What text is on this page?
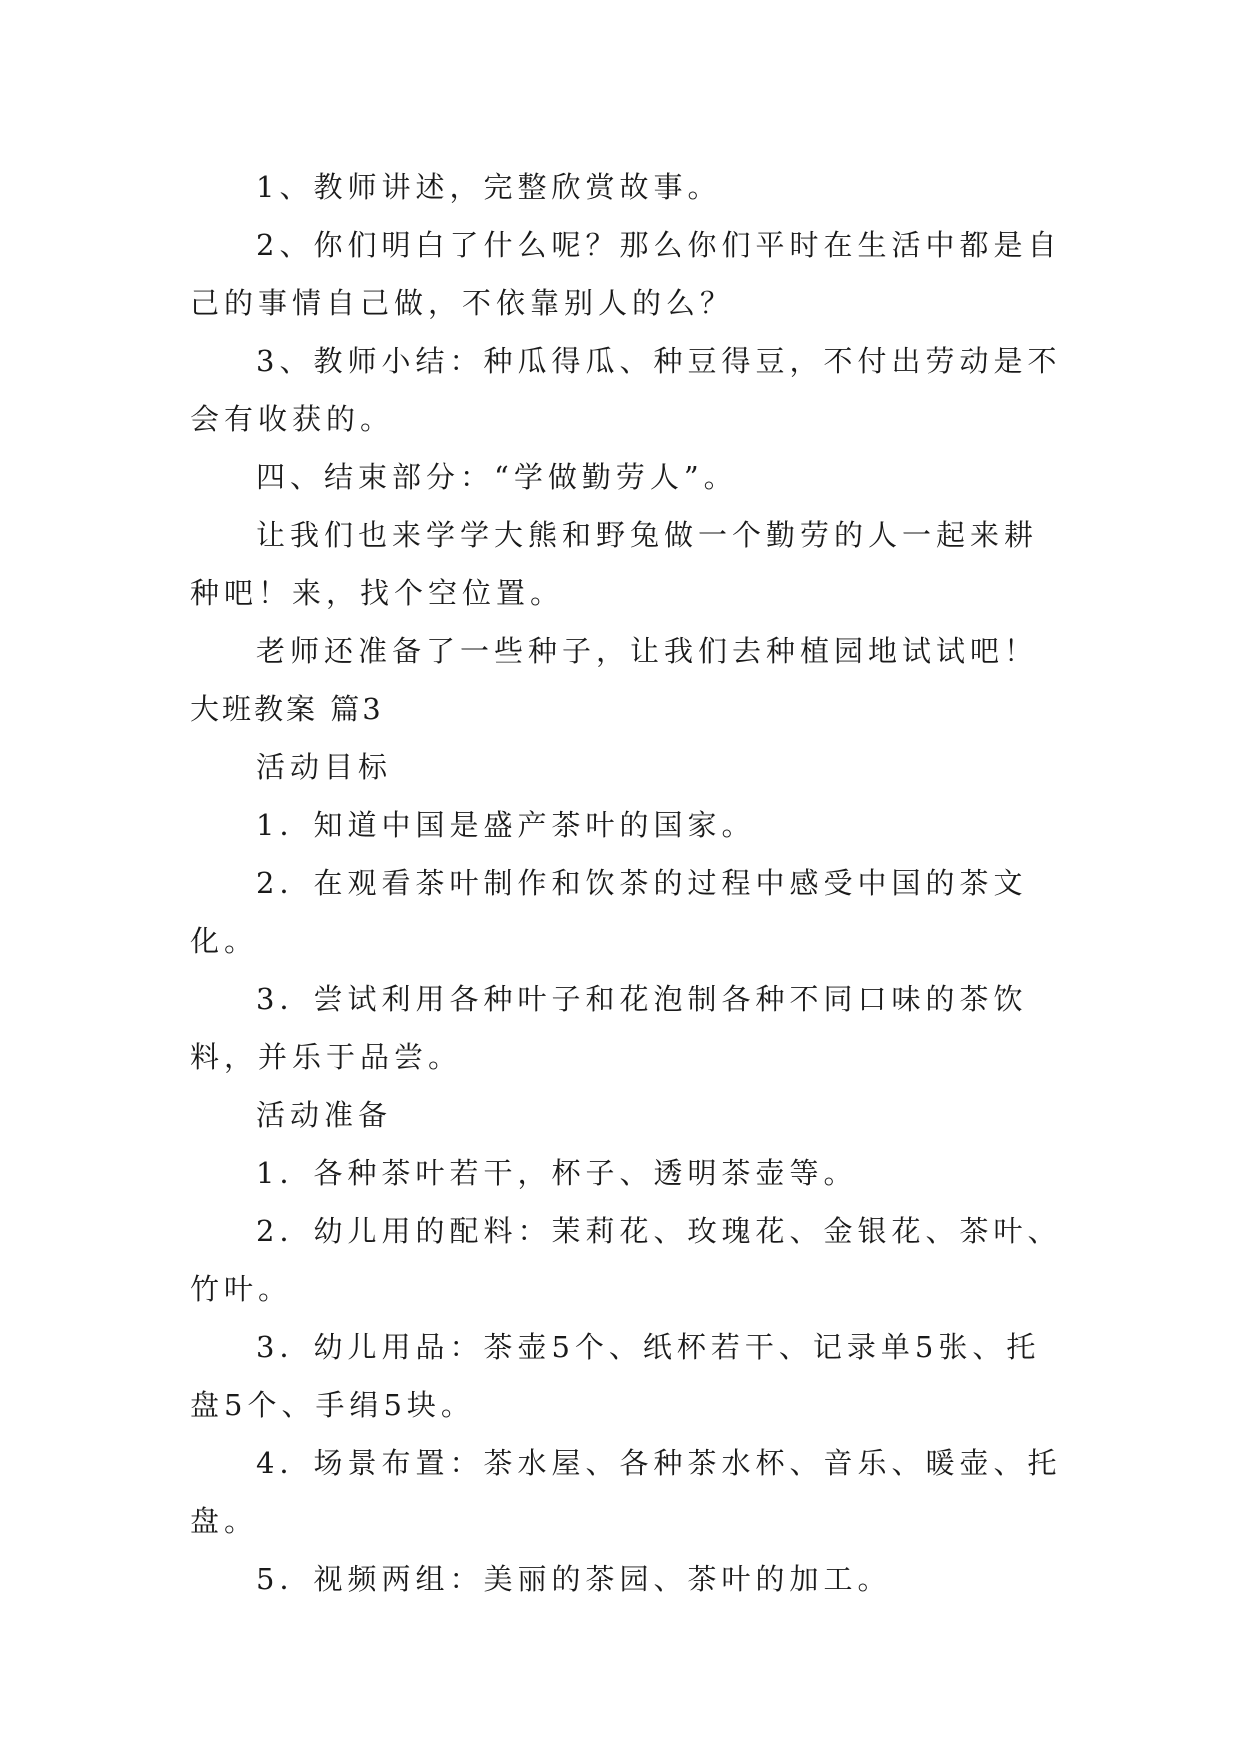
1、教师讲述，完整欣赏故事。

2、你们明白了什么呢？那么你们平时在生活中都是自己的事情自己做，不依靠别人的么？

3、教师小结：种瓜得瓜、种豆得豆，不付出劳动是不会有收获的。

四、结束部分：“学做勤劳人”。

让我们也来学学大熊和野兔做一个勤劳的人一起来耕种吧！来，找个空位置。

老师还准备了一些种子，让我们去种植园地试试吧！

大班教案 篇3

活动目标

1．知道中国是盛产茶叶的国家。

2．在观看茶叶制作和饮茶的过程中感受中国的茶文化。

3．尝试利用各种叶子和花泡制各种不同口味的茶饮料，并乐于品尝。

活动准备

1．各种茶叶若干，杯子、透明茶壶等。

2．幼儿用的配料：茉莉花、玫瑰花、金银花、茶叶、竹叶。

3．幼儿用品：茶壶5个、纸杯若干、记录单5张、托盘5个、手绢5块。

4．场景布置：茶水屋、各种茶水杯、音乐、暖壶、托盘。

5．视频两组：美丽的茶园、茶叶的加工。
